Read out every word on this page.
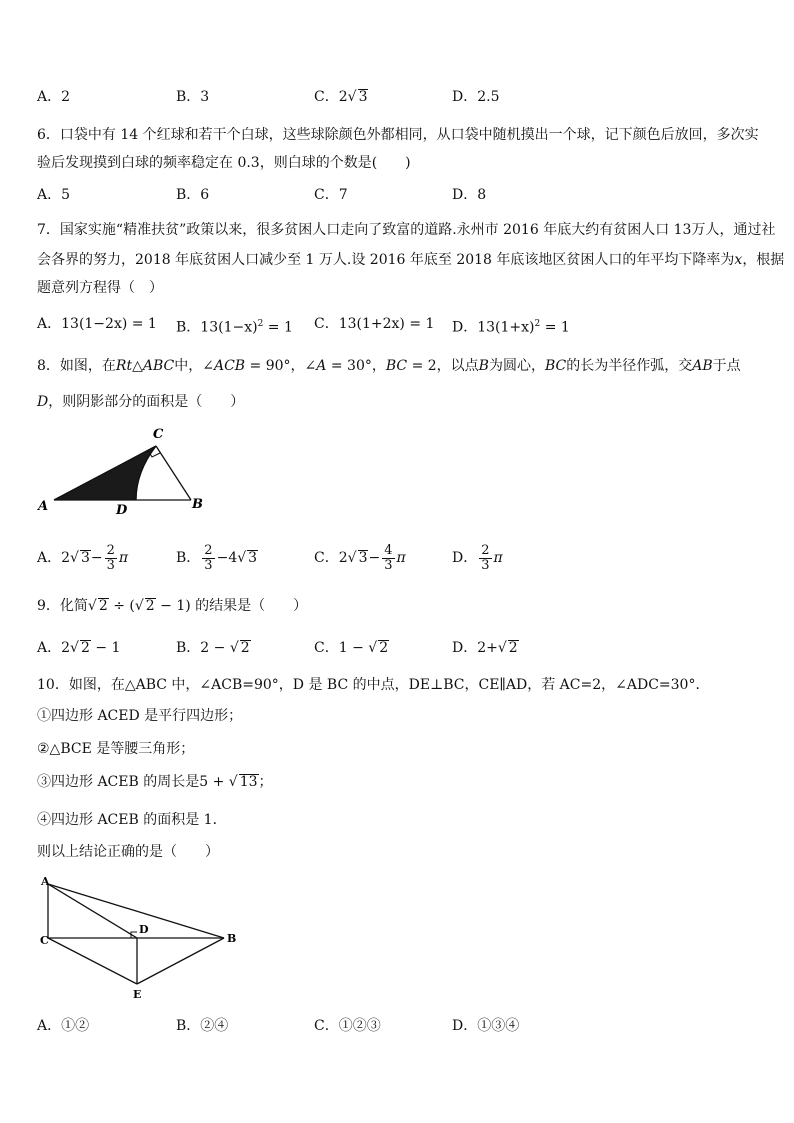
A．2	B．3	C．2√ 3	D．2.5
6．口袋中有 14 个红球和若干个白球，这些球除颜色外都相同，从口袋中随机摸出一个球，记下颜色后放回，多次实
验后发现摸到白球的频率稳定在 0.3，则白球的个数是(　　)
A．5	B．6	C．7	D．8
7．国家实施“精准扶贫”政策以来，很多贫困人口走向了致富的道路.永州市 2016 年底大约有贫困人口 13万人，通过社
会各界的努力，2018 年底贫困人口减少至 1 万人.设 2016 年底至 2018 年底该地区贫困人口的年平均下降率为x，根据
题意列方程得（　）
A．13(1−2x) = 1 B．$13(1-x)^2 = 1$ C．13(1+2x) = 1 D．$13(1+x)^2 = 1$
8．如图，在Rt△ABC中，∠ACB = 90°，∠A = 30°，BC = 2，以点B为圆心，BC的长为半径作弧，交AB于点
D，则阴影部分的面积是（　　）
A	B
C
D
A．2√ $3- \frac{2}{3}$ π	B． $\frac{2}{3} -4√$ 3	C．2√ $3- \frac{4}{3}$ π	D． $\frac{2}{3}$ π
9．化简√ 2 ÷ (√ 2 − 1) 的结果是（　　）
A．2√ 2 − 1	B．2 − √ 2	C．1 − √ 2	D．2+√ 2
10．如图，在△ABC 中，∠ACB=90°，D 是 BC 的中点，DE⊥BC，CE∥AD，若 AC=2，∠ADC=30°．
①四边形 ACED 是平行四边形；
②△BCE 是等腰三角形；
③四边形 ACEB 的周长是5 + √ 13；
④四边形 ACEB 的面积是 1．
则以上结论正确的是（　　）
A
B
C
D
E
A．①②	B．②④	C．①②③	D．①③④
